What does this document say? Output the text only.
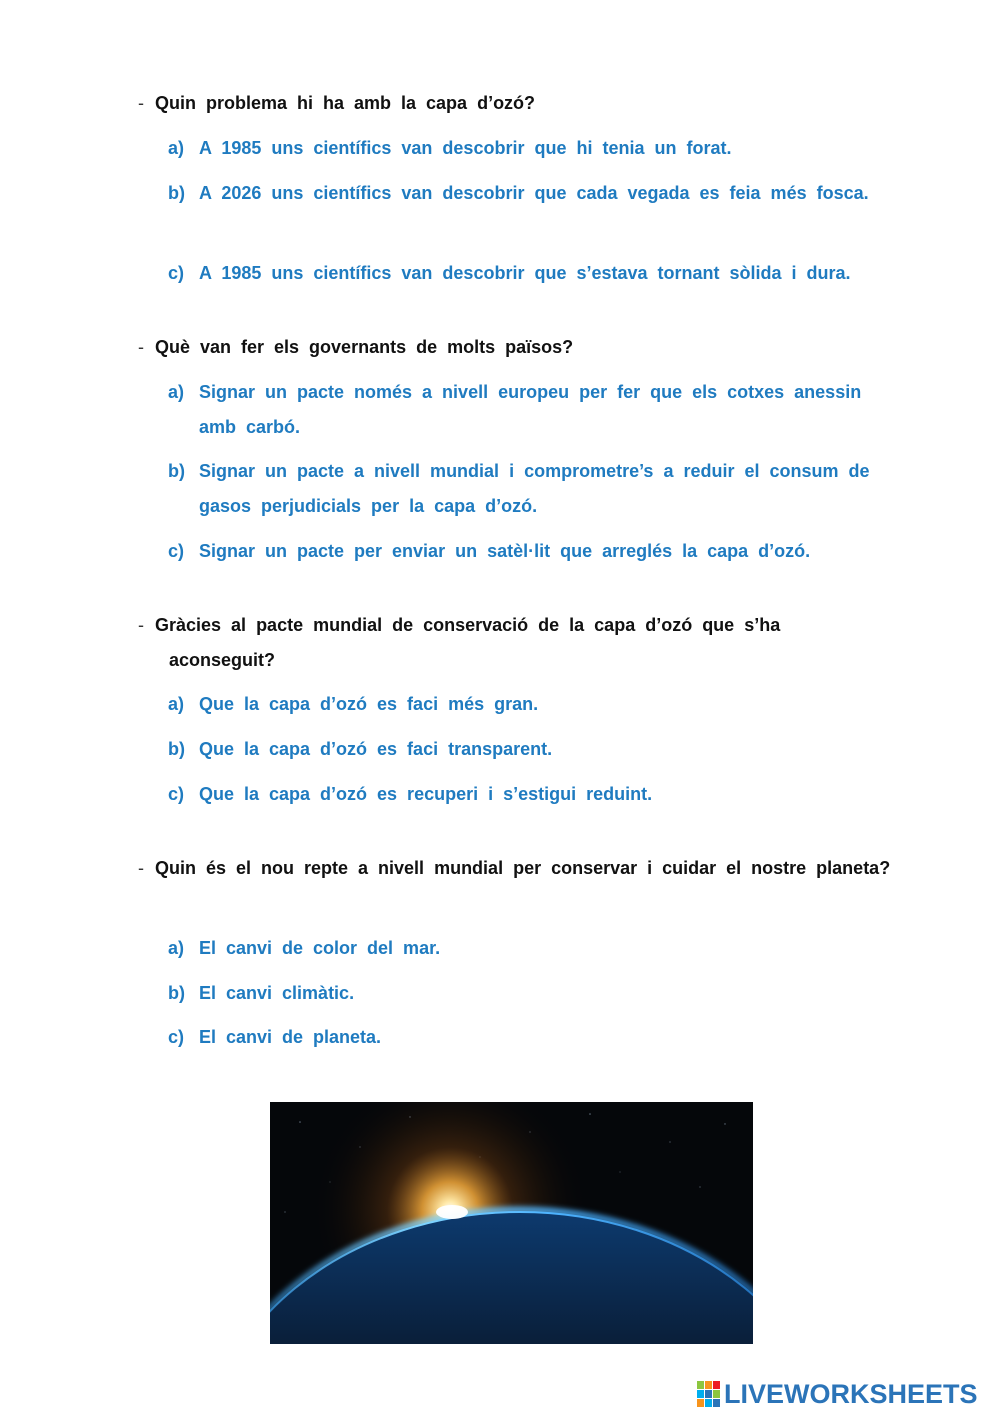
- Quin problema hi ha amb la capa d’ozó?
a) A 1985 uns científics van descobrir que hi tenia un forat.
b) A 2026 uns científics van descobrir que cada vegada es feia més fosca.
c) A 1985 uns científics van descobrir que s’estava tornant sòlida i dura.
- Què van fer els governants de molts països?
a) Signar un pacte només a nivell europeu per fer que els cotxes anessin amb carbó.
b) Signar un pacte a nivell mundial i comprometre’s a reduir el consum de gasos perjudicials per la capa d’ozó.
c) Signar un pacte per enviar un satèl·lit que arreglés la capa d’ozó.
- Gràcies al pacte mundial de conservació de la capa d’ozó que s’ha aconseguit?
a) Que la capa d’ozó es faci més gran.
b) Que la capa d’ozó es faci transparent.
c) Que la capa d’ozó es recuperi i s’estigui reduint.
- Quin és el nou repte a nivell mundial per conservar i cuidar el nostre planeta?
a) El canvi de color del mar.
b) El canvi climàtic.
c) El canvi de planeta.
LIVEWORKSHEETS
